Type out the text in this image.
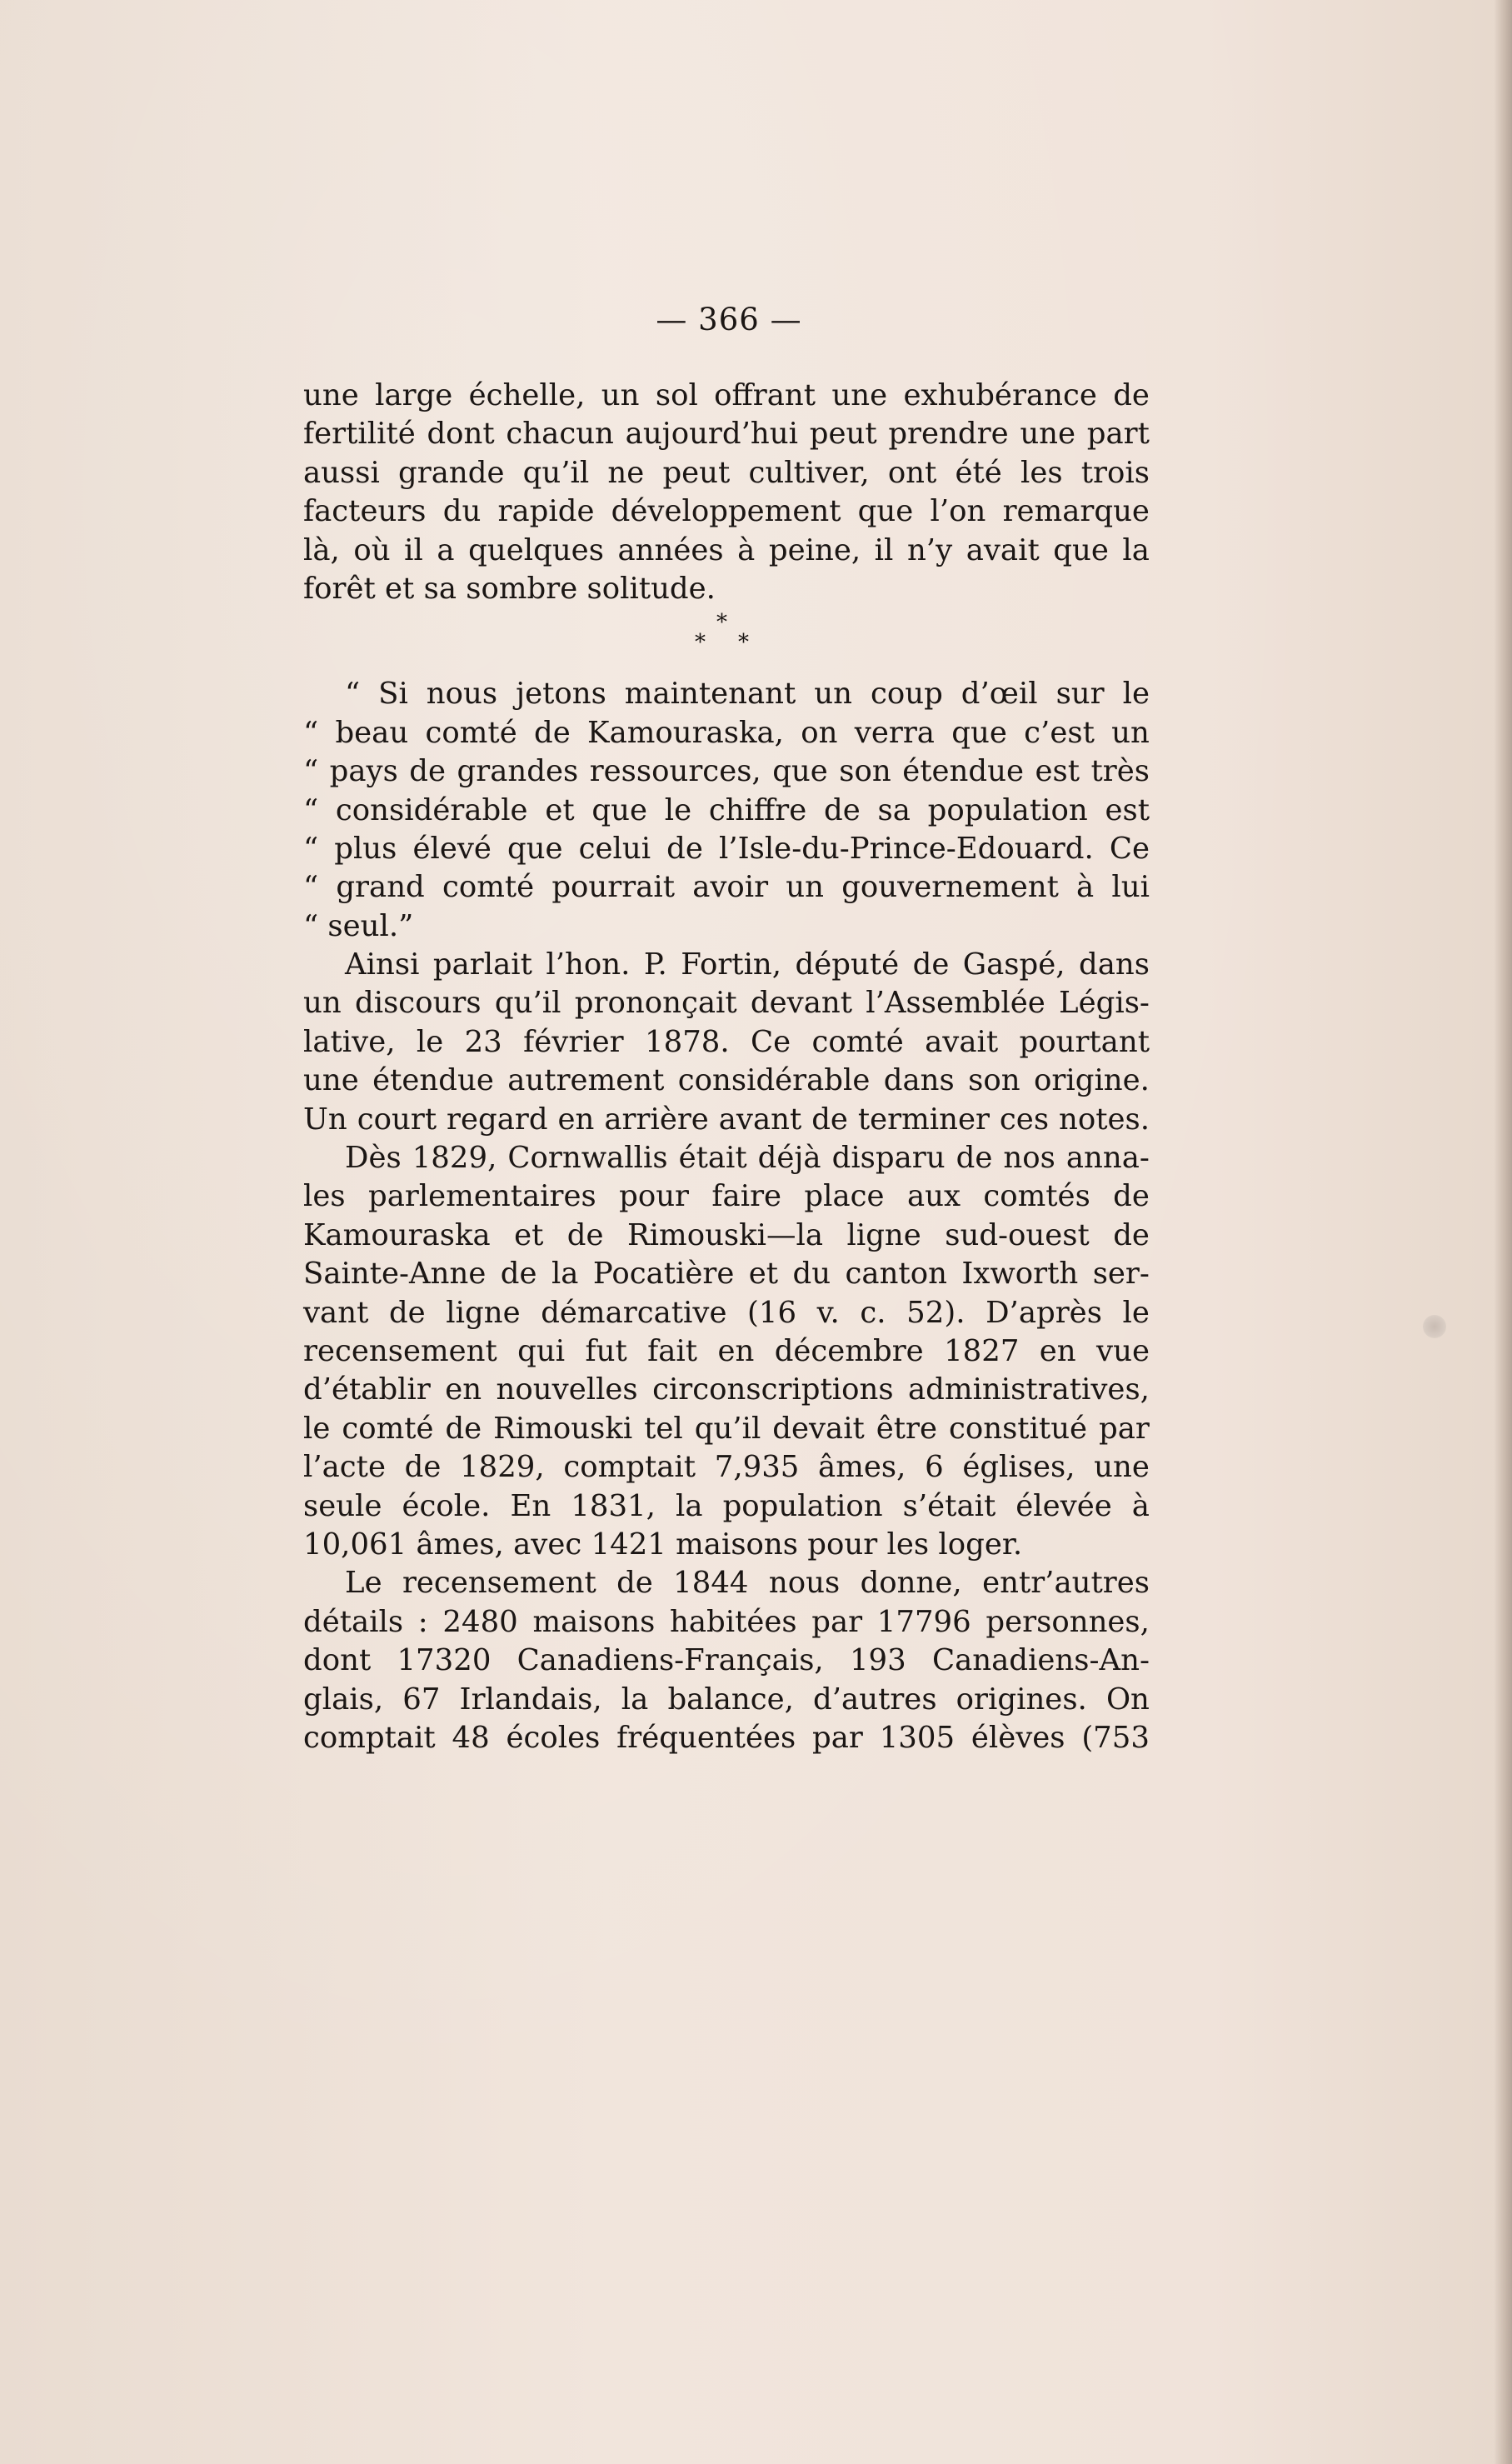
— 366 —
une large échelle, un sol offrant une exhubérance de
fertilité dont chacun aujourd’hui peut prendre une part
aussi grande qu’il ne peut cultiver, ont été les trois
facteurs du rapide développement que l’on remarque
là, où il a quelques années à peine, il n’y avait que la
forêt et sa sombre solitude.
*
* *
“ Si nous jetons maintenant un coup d’œil sur le
“ beau comté de Kamouraska, on verra que c’est un
“ pays de grandes ressources, que son étendue est très
“ considérable et que le chiffre de sa population est
“ plus élevé que celui de l’Isle-du-Prince-Edouard. Ce
“ grand comté pourrait avoir un gouvernement à lui
“ seul.”
Ainsi parlait l’hon. P. Fortin, député de Gaspé, dans
un discours qu’il prononçait devant l’Assemblée Légis-
lative, le 23 février 1878. Ce comté avait pourtant
une étendue autrement considérable dans son origine.
Un court regard en arrière avant de terminer ces notes.
Dès 1829, Cornwallis était déjà disparu de nos anna-
les parlementaires pour faire place aux comtés de
Kamouraska et de Rimouski—la ligne sud-ouest de
Sainte-Anne de la Pocatière et du canton Ixworth ser-
vant de ligne démarcative (16 v. c. 52). D’après le
recensement qui fut fait en décembre 1827 en vue
d’établir en nouvelles circonscriptions administratives,
le comté de Rimouski tel qu’il devait être constitué par
l’acte de 1829, comptait 7,935 âmes, 6 églises, une
seule école. En 1831, la population s’était élevée à
10,061 âmes, avec 1421 maisons pour les loger.
Le recensement de 1844 nous donne, entr’autres
détails : 2480 maisons habitées par 17796 personnes,
dont 17320 Canadiens-Français, 193 Canadiens-An-
glais, 67 Irlandais, la balance, d’autres origines. On
comptait 48 écoles fréquentées par 1305 élèves (753
